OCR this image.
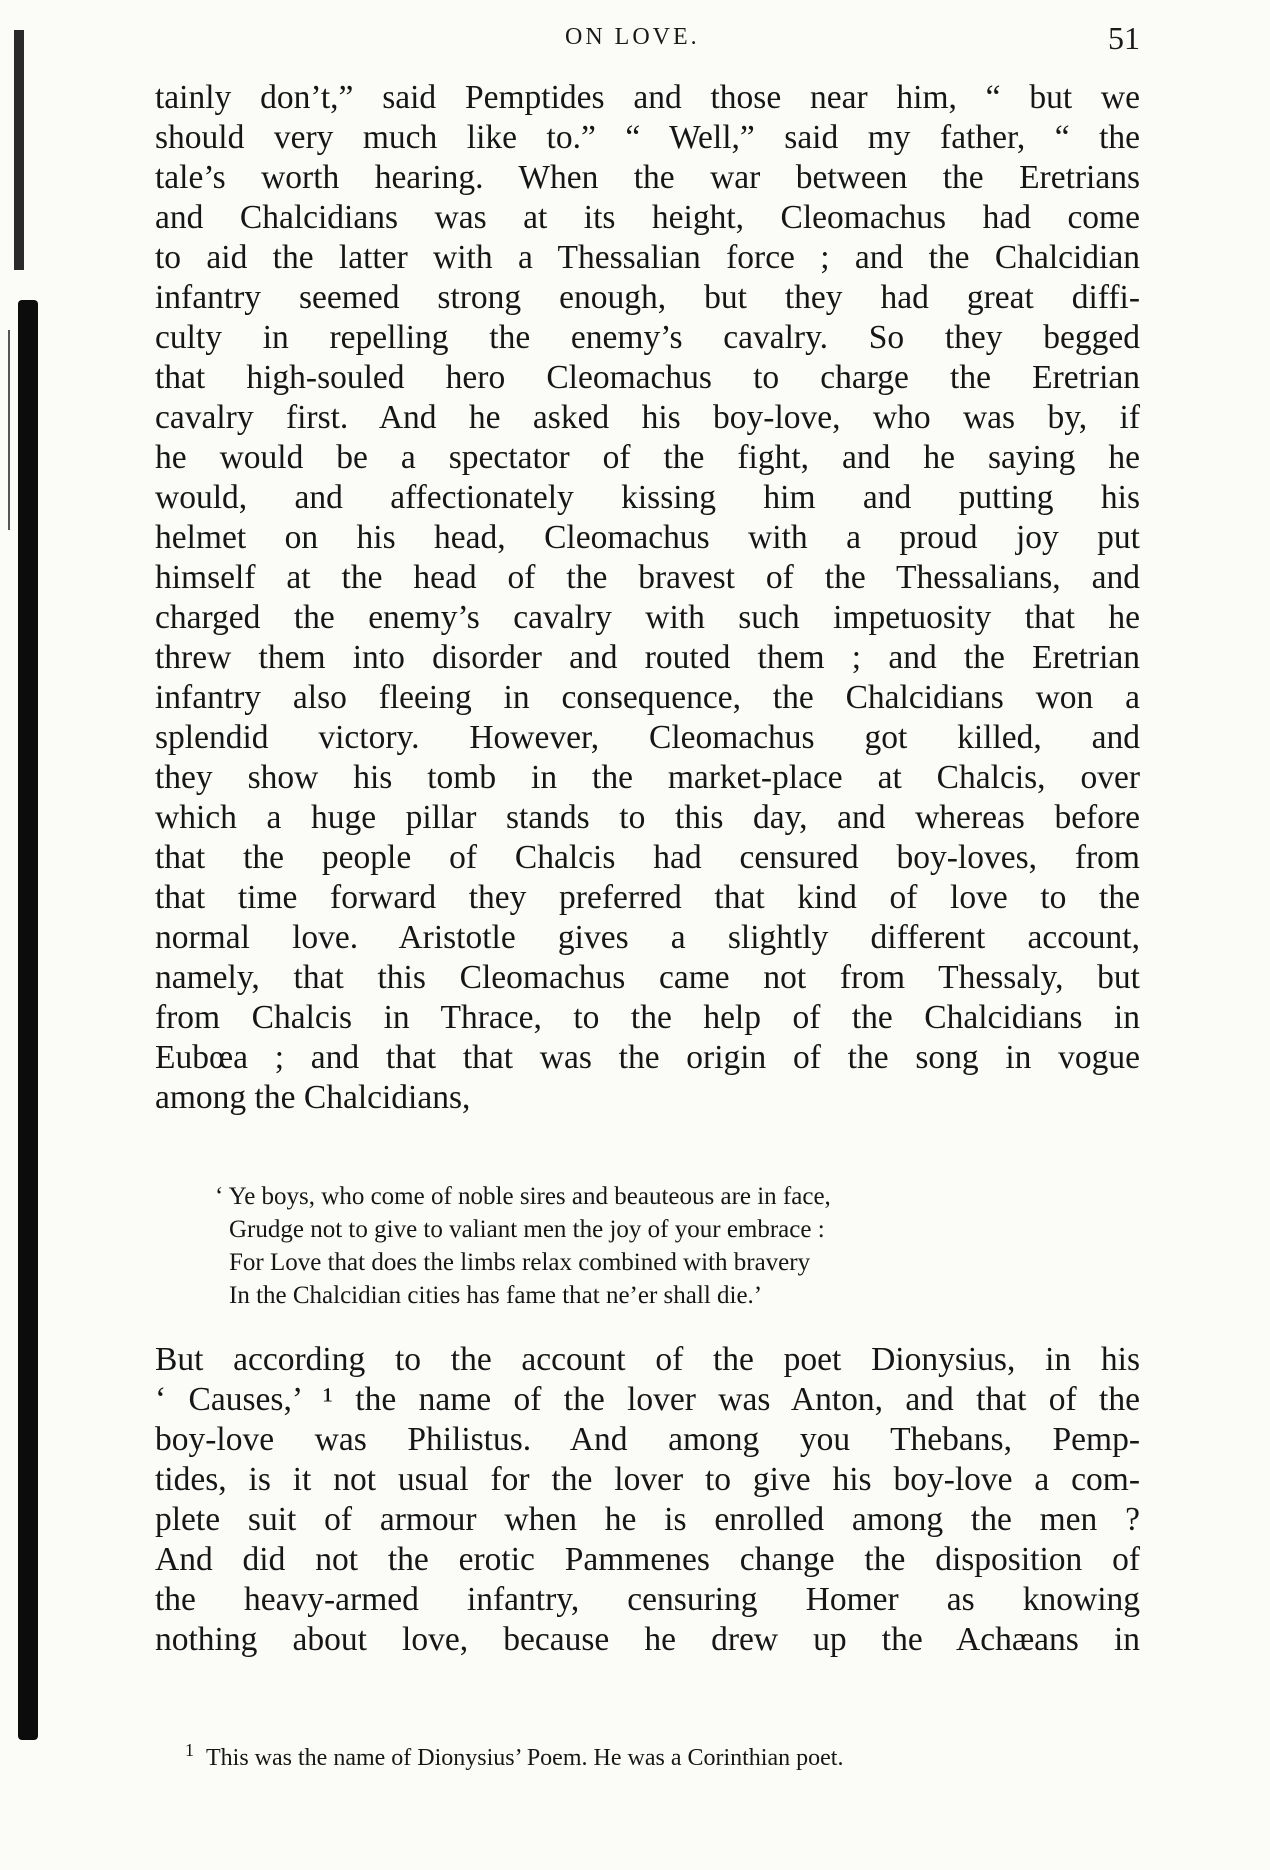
ON LOVE.	51
tainly don’t,” said Pemptides and those near him, “ but we
should very much like to.” “ Well,” said my father, “ the
tale’s worth hearing. When the war between the Eretrians
and Chalcidians was at its height, Cleomachus had come
to aid the latter with a Thessalian force ; and the Chalcidian
infantry seemed strong enough, but they had great diffi-
culty in repelling the enemy’s cavalry. So they begged
that high-souled hero Cleomachus to charge the Eretrian
cavalry first. And he asked his boy-love, who was by, if
he would be a spectator of the fight, and he saying he
would, and affectionately kissing him and putting his
helmet on his head, Cleomachus with a proud joy put
himself at the head of the bravest of the Thessalians, and
charged the enemy’s cavalry with such impetuosity that he
threw them into disorder and routed them ; and the Eretrian
infantry also fleeing in consequence, the Chalcidians won a
splendid victory. However, Cleomachus got killed, and
they show his tomb in the market-place at Chalcis, over
which a huge pillar stands to this day, and whereas before
that the people of Chalcis had censured boy-loves, from
that time forward they preferred that kind of love to the
normal love. Aristotle gives a slightly different account,
namely, that this Cleomachus came not from Thessaly, but
from Chalcis in Thrace, to the help of the Chalcidians in
Eubœa ; and that that was the origin of the song in vogue
among the Chalcidians,
‘ Ye boys, who come of noble sires and beauteous are in face,
Grudge not to give to valiant men the joy of your embrace :
For Love that does the limbs relax combined with bravery
In the Chalcidian cities has fame that ne’er shall die.’
But according to the account of the poet Dionysius, in his
‘ Causes,’ ¹ the name of the lover was Anton, and that of the
boy-love was Philistus. And among you Thebans, Pemp-
tides, is it not usual for the lover to give his boy-love a com-
plete suit of armour when he is enrolled among the men ?
And did not the erotic Pammenes change the disposition of
the heavy-armed infantry, censuring Homer as knowing
nothing about love, because he drew up the Achæans in
$^1$ This was the name of Dionysius’ Poem. He was a Corinthian poet.
